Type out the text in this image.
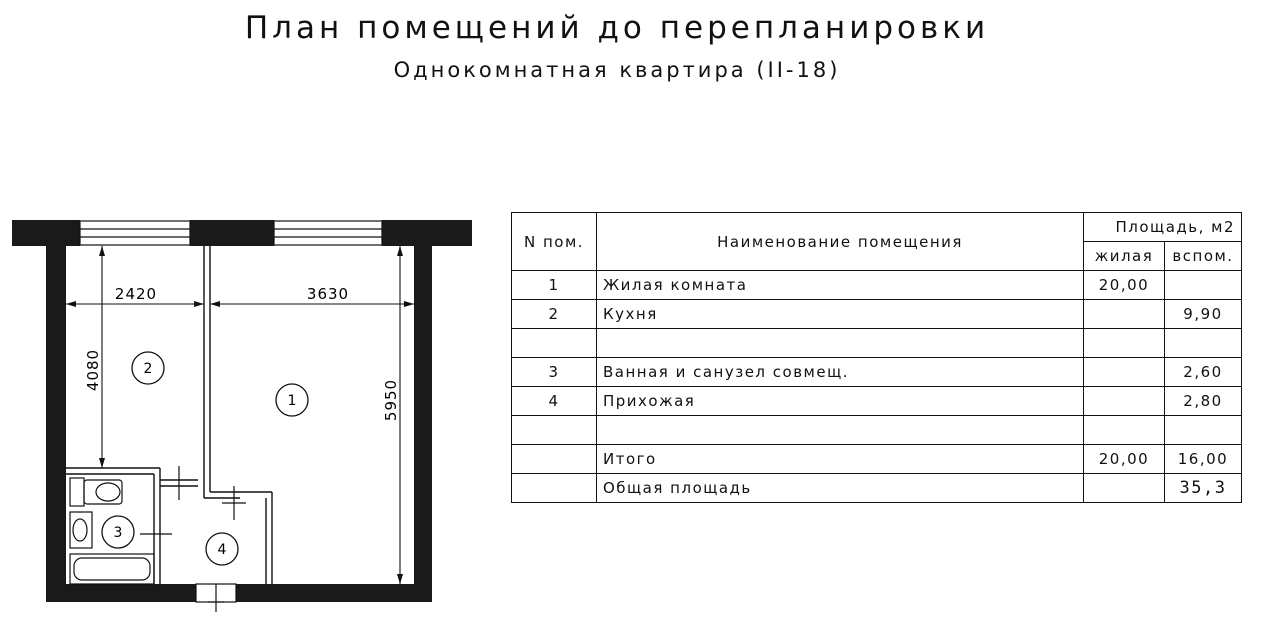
План помещений до перепланировки
Однокомнатная квартира (II-18)
2420	3630
4080
5950
1
2
3
4
N пом.	Наименование помещения	Площадь, м2	
		жилая	вспом.
1	Жилая комната	20,00	
2	Кухня		9,90

3	Ванная и санузел совмещ.		2,60
4	Прихожая		2,80

	Итого	20,00	16,00
	Общая площадь		35,3
